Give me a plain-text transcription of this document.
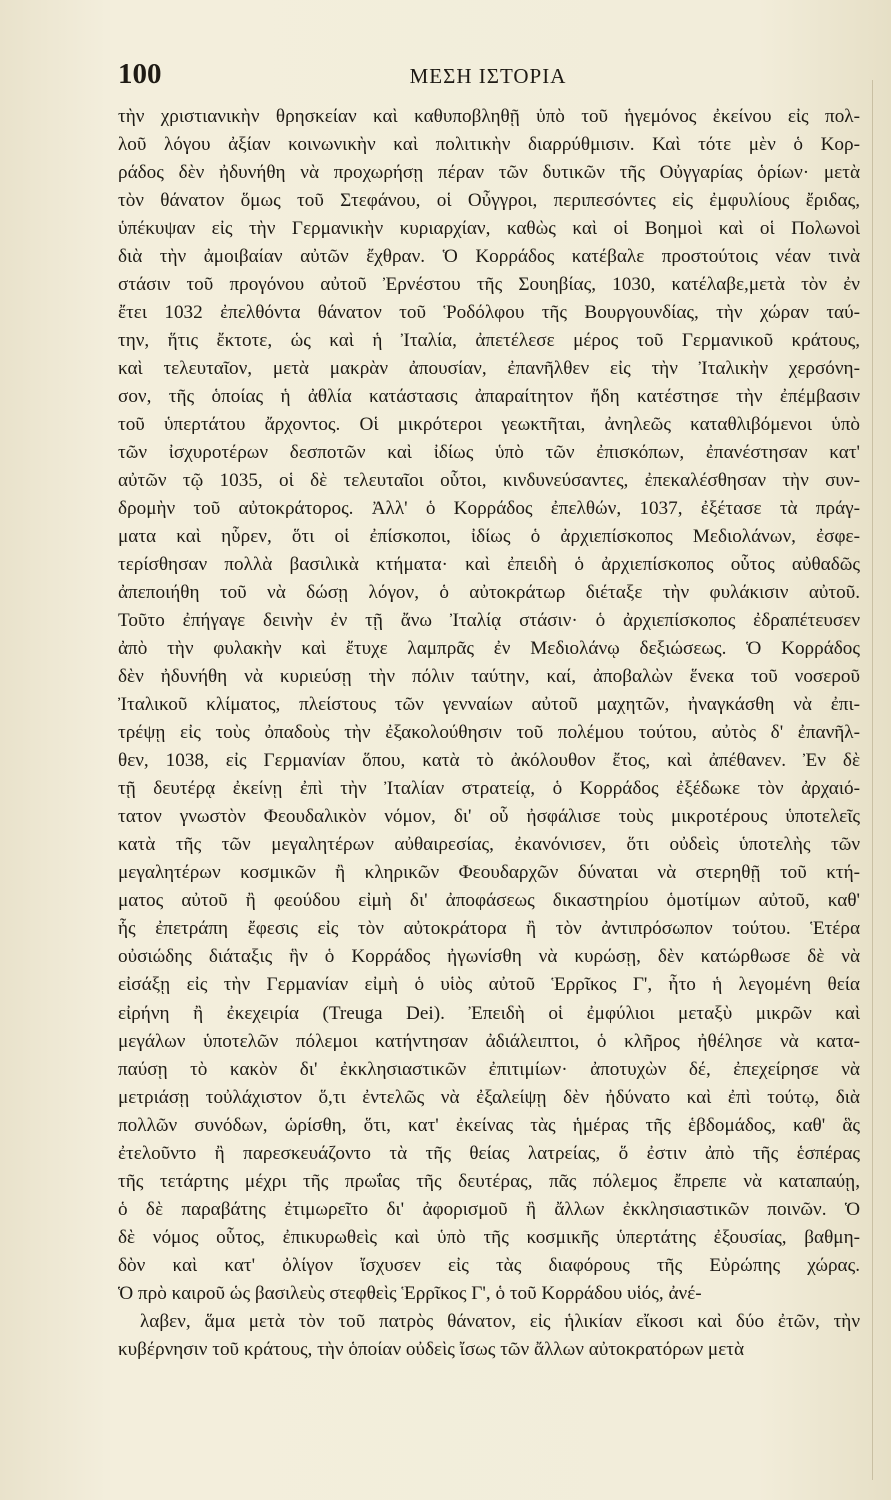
100	ΜΕΣΗ ΙΣΤΟΡΙΑ
τὴν χριστιανικὴν θρησκείαν καὶ καθυποβληθῇ ὑπὸ τοῦ ἡγεμόνος ἐκείνου εἰς πολ-
λοῦ λόγου ἀξίαν κοινωνικὴν καὶ πολιτικὴν διαρρύθμισιν. Καὶ τότε μὲν ὁ Κορ-
ράδος δὲν ἠδυνήθη νὰ προχωρήσῃ πέραν τῶν δυτικῶν τῆς Οὐγγαρίας ὁρίων· μετὰ
τὸν θάνατον ὅμως τοῦ Στεφάνου, οἱ Οὖγγροι, περιπεσόντες εἰς ἐμφυλίους ἔριδας,
ὑπέκυψαν εἰς τὴν Γερμανικὴν κυριαρχίαν, καθὼς καὶ οἱ Βοημοὶ καὶ οἱ Πολωνοὶ
διὰ τὴν ἀμοιβαίαν αὐτῶν ἔχθραν. Ὁ Κορράδος κατέβαλε προστούτοις νέαν τινὰ
στάσιν τοῦ προγόνου αὐτοῦ Ἐρνέστου τῆς Σουηβίας, 1030, κατέλαβε,μετὰ τὸν ἐν
ἔτει 1032 ἐπελθόντα θάνατον τοῦ Ῥοδόλφου τῆς Βουργουνδίας, τὴν χώραν ταύ-
την, ἥτις ἔκτοτε, ὡς καὶ ἡ Ἰταλία, ἀπετέλεσε μέρος τοῦ Γερμανικοῦ κράτους,
καὶ τελευταῖον, μετὰ μακρὰν ἀπουσίαν, ἐπανῆλθεν εἰς τὴν Ἰταλικὴν χερσόνη-
σον, τῆς ὁποίας ἡ ἀθλία κατάστασις ἀπαραίτητον ἤδη κατέστησε τὴν ἐπέμβασιν
τοῦ ὑπερτάτου ἄρχοντος. Οἱ μικρότεροι γεωκτῆται, ἀνηλεῶς καταθλιβόμενοι ὑπὸ
τῶν ἰσχυροτέρων δεσποτῶν καὶ ἰδίως ὑπὸ τῶν ἐπισκόπων, ἐπανέστησαν κατ'
αὐτῶν τῷ 1035, οἱ δὲ τελευταῖοι οὗτοι, κινδυνεύσαντες, ἐπεκαλέσθησαν τὴν συν-
δρομὴν τοῦ αὐτοκράτορος. Ἀλλ' ὁ Κορράδος ἐπελθών, 1037, ἐξέτασε τὰ πράγ-
ματα καὶ ηὗρεν, ὅτι οἱ ἐπίσκοποι, ἰδίως ὁ ἀρχιεπίσκοπος Μεδιολάνων, ἐσφε-
τερίσθησαν πολλὰ βασιλικὰ κτήματα· καὶ ἐπειδὴ ὁ ἀρχιεπίσκοπος οὗτος αὐθαδῶς
ἀπεποιήθη τοῦ νὰ δώσῃ λόγον, ὁ αὐτοκράτωρ διέταξε τὴν φυλάκισιν αὐτοῦ.
Τοῦτο ἐπήγαγε δεινὴν ἐν τῇ ἄνω Ἰταλίᾳ στάσιν· ὁ ἀρχιεπίσκοπος ἐδραπέτευσεν
ἀπὸ τὴν φυλακὴν καὶ ἔτυχε λαμπρᾶς ἐν Μεδιολάνῳ δεξιώσεως. Ὁ Κορράδος
δὲν ἠδυνήθη νὰ κυριεύσῃ τὴν πόλιν ταύτην, καί, ἀποβαλὼν ἕνεκα τοῦ νοσεροῦ
Ἰταλικοῦ κλίματος, πλείστους τῶν γενναίων αὐτοῦ μαχητῶν, ἠναγκάσθη νὰ ἐπι-
τρέψῃ εἰς τοὺς ὀπαδοὺς τὴν ἐξακολούθησιν τοῦ πολέμου τούτου, αὐτὸς δ' ἐπανῆλ-
θεν, 1038, εἰς Γερμανίαν ὅπου, κατὰ τὸ ἀκόλουθον ἔτος, καὶ ἀπέθανεν. Ἐν δὲ
τῇ δευτέρᾳ ἐκείνῃ ἐπὶ τὴν Ἰταλίαν στρατείᾳ, ὁ Κορράδος ἐξέδωκε τὸν ἀρχαιό-
τατον γνωστὸν Φεουδαλικὸν νόμον, δι' οὗ ἠσφάλισε τοὺς μικροτέρους ὑποτελεῖς
κατὰ τῆς τῶν μεγαλητέρων αὐθαιρεσίας, ἐκανόνισεν, ὅτι οὐδεὶς ὑποτελὴς τῶν
μεγαλητέρων κοσμικῶν ἢ κληρικῶν Φεουδαρχῶν δύναται νὰ στερηθῇ τοῦ κτή-
ματος αὐτοῦ ἢ φεούδου εἰμὴ δι' ἀποφάσεως δικαστηρίου ὁμοτίμων αὐτοῦ, καθ'
ἧς ἐπετράπη ἔφεσις εἰς τὸν αὐτοκράτορα ἢ τὸν ἀντιπρόσωπον τούτου. Ἑτέρα
οὐσιώδης διάταξις ἣν ὁ Κορράδος ἠγωνίσθη νὰ κυρώσῃ, δὲν κατώρθωσε δὲ νὰ
εἰσάξῃ εἰς τὴν Γερμανίαν εἰμὴ ὁ υἱὸς αὐτοῦ Ἑρρῖκος Γ', ἦτο ἡ λεγομένη θεία
εἰρήνη ἢ ἐκεχειρία (Treuga Dei). Ἐπειδὴ οἱ ἐμφύλιοι μεταξὺ μικρῶν καὶ
μεγάλων ὑποτελῶν πόλεμοι κατήντησαν ἀδιάλειπτοι, ὁ κλῆρος ἠθέλησε νὰ κατα-
παύσῃ τὸ κακὸν δι' ἐκκλησιαστικῶν ἐπιτιμίων· ἀποτυχὼν δέ, ἐπεχείρησε νὰ
μετριάσῃ τοὐλάχιστον ὅ,τι ἐντελῶς νὰ ἐξαλείψῃ δὲν ἠδύνατο καὶ ἐπὶ τούτῳ, διὰ
πολλῶν συνόδων, ὡρίσθη, ὅτι, κατ' ἐκείνας τὰς ἡμέρας τῆς ἑβδομάδος, καθ' ἃς
ἐτελοῦντο ἢ παρεσκευάζοντο τὰ τῆς θείας λατρείας, ὅ ἐστιν ἀπὸ τῆς ἑσπέρας
τῆς τετάρτης μέχρι τῆς πρωΐας τῆς δευτέρας, πᾶς πόλεμος ἔπρεπε νὰ καταπαύῃ,
ὁ δὲ παραβάτης ἐτιμωρεῖτο δι' ἀφορισμοῦ ἢ ἄλλων ἐκκλησιαστικῶν ποινῶν. Ὁ
δὲ νόμος οὗτος, ἐπικυρωθεὶς καὶ ὑπὸ τῆς κοσμικῆς ὑπερτάτης ἐξουσίας, βαθμη-
δὸν καὶ κατ' ὀλίγον ἴσχυσεν εἰς τὰς διαφόρους τῆς Εὐρώπης χώρας.
Ὁ πρὸ καιροῦ ὡς βασιλεὺς στεφθεὶς Ἑρρῖκος Γ', ὁ τοῦ Κορράδου υἱός, ἀνέ-
λαβεν, ἅμα μετὰ τὸν τοῦ πατρὸς θάνατον, εἰς ἡλικίαν εἴκοσι καὶ δύο ἐτῶν, τὴν
κυβέρνησιν τοῦ κράτους, τὴν ὁποίαν οὐδεὶς ἴσως τῶν ἄλλων αὐτοκρατόρων μετὰ
